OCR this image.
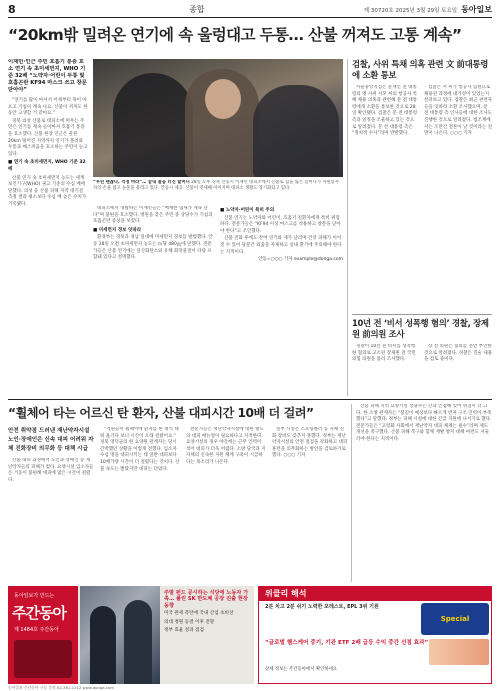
8	종합	제 30720호 2025년 3월 29일 토요일 동아일보
“20km밖 밀려온 연기에 속 울렁대고 두통… 산불 꺼져도 고통 계속”
이재민·인근 주민 호흡기 통증 호소 연기 속 초미세먼지, WHO 기준 32배 “노약자·어린이 두통 및 호흡곤란 KF94 마스크 쓰고 창문 닫아야”

“연기를 많이 마셔서 어제부터 목이 아프고 기침이 계속 나요. 산불이 꺼져도 한동안 고생할 거 같아요.”

경북 의성 산불로 대피소에 머무는 주민은 연기를 계속 들이마셔 호흡기 통증을 호소했다. 산불 현장 인근은 물론 20km 떨어진 지역까지 연기가 몰려와 두통과 메스꺼움을 호소하는 주민이 늘고 있다.

■ 연기 속 초미세먼지, WHO 기준 32배

산불 연기 속 초미세먼지 농도는 세계보건기구(WHO) 권고 기준의 수십 배에 달했다. 의성 등 산불 피해 지역 대기질 측정 결과 평소보다 수십 배 높은 수치가 기록됐다.

“우린 괜찮다, 걱정 마라”… 끝내 울음 터진 할머니 28일 오후 경북 안동시 이재민 대피소에서 산불로 집을 잃은 할머니가 자원봉사자의 손을 잡고 눈물을 흘리고 있다. 안동시 제공. 산불이 엿새째 이어지며 대피소 생활도 장기화되고 있다.

대피소에서 생활하는 이재민들은 “매캐한 냄새가 계속 난다”며 불편을 호소했다. 병원을 찾은 주민 중 상당수가 기침과 호흡곤란 증상을 보였다.

■ 미세먼지 경보 잇따라

환경부는 경북과 경남 일대에 미세먼지 경보를 발령했다. 안동 28일 오전 초미세먼지 농도는 ㎥당 480㎍에 달했다. 전문가들은 산불 연기에는 일산화탄소와 유해 화학물질이 다량 포함돼 있다고 설명했다.

■ 노약자·어린이 특히 주의

산불 연기는 노약자와 어린이, 호흡기 질환자에게 특히 위험하다. 전문가들은 “KF94 이상 마스크를 착용하고 창문을 닫아야 한다”고 조언했다.

산불 진화 후에도 잔여 연기와 재가 날리며 건강 피해가 이어질 수 있어 당분간 외출을 자제하고 실내 환기에 주의해야 한다는 지적이다.

안동=○○○ 기자 example@donga.com

검찰, 사위 특채 의혹 관련 文 前대통령에 소환 통보

서울중앙지검은 문재인 전 대통령의 옛 사위 서모 씨의 항공사 특혜 채용 의혹과 관련해 문 전 대통령에게 소환을 통보한 것으로 28일 확인됐다. 검찰은 문 전 대통령 측과 일정을 조율하고 있는 것으로 알려졌다. 문 전 대통령 측은 “정치적 수사”라며 반발했다.

검찰은 서 씨가 항공사 임원으로 채용된 과정에 대가성이 있었는지 살펴보고 있다. 검찰은 최근 관련자들을 잇따라 소환 조사했으며, 문 전 대통령 측 인사들에 대한 조사도 진행한 것으로 알려졌다. 법조계에서는 조만간 결론이 날 것이라는 전망이 나온다. ○○○ 기자

10년 전 ‘비서 성폭행 혐의’ 경찰, 장제원 前의원 조사

경찰이 10년 전 비서를 성폭행한 혐의로 고소된 장제원 전 국민의힘 의원을 불러 조사했다.

장 전 의원은 혐의를 전면 부인한 것으로 알려졌다. 경찰은 진술 내용을 검토 중이다.

“휠체어 타는 어르신 탄 환자, 산불 대피시간 10배 더 걸려”
안전 취약점 드러낸 재난약자시설 노인·장애인은 신속 대피 어려워 자체 진화장비 의무화 등 대책 시급

산불 대피 과정에서 노인과 장애인 등 재난약자들의 피해가 컸다. 요양시설 입소자들은 거동이 불편해 대피에 많은 시간이 걸렸다.

“직원들이 휠체어에 환자를 한 명씩 태워 옮기다 보니 시간이 오래 걸렸어요.” 경북 영덕군의 한 요양원 관계자는 당시 긴박했던 상황을 이렇게 전했다. 입소자 수십 명을 대피시키는 데 일반 대피보다 10배가량 시간이 더 걸렸다는 것이다. 산불 속도는 빨랐지만 대피는 더뎠다.

전문가들은 재난약자시설에 대한 별도의 대피 매뉴얼이 필요하다고 지적한다. 요양시설의 경우 야간에는 근무 인력이 적어 대피가 더욱 어렵다. 소방 당국과 지자체의 신속한 지원 체계 구축이 시급하다는 목소리가 나온다.

일부 시설은 스프링클러 등 자체 진화 장비도 갖추지 못했다. 정부는 재난약자시설의 안전 점검을 강화하고 대피 훈련을 의무화하는 방안을 검토하기로 했다. ○○○ 기자

산불 피해 지역 요양시설 상당수는 산과 인접해 있어 위험이 더 크다. 한 소방 관계자는 “불길이 예상보다 빠르게 번져 구조 인력이 부족했다”고 말했다. 정부는 피해 시설에 대한 긴급 지원에 나서기로 했다. 전문가들은 “고령화 사회에서 재난약자 대피 체계는 필수”라며 제도 개선을 촉구했다. 산불 피해 복구와 함께 재발 방지 대책 마련도 서둘러야 한다는 지적이다.

동아일보가 만드는
주간동아
제 1484호 주간동아
주말 펀드 공시하는 식당에 노동자 가족… 풀린 SK 반도체 공장 진출 현장 동향
미국 관세 폭탄에 국내 산업 초비상
의대 정원 동결 이후 전망
정부 효율 성과 점검
위클리 해석
2분 치고 2분 쉬기 노력한 포테스트, EPL 3위 기원
Special
“글로벌 헬스케어 중기, 기관 ETF 2배 급등 수익 중간 선점 효과”
상세 정보는 주간동아에서 확인하세요
동아일보 주간동아 구독 문의 02-361-1212 www.donga.com
